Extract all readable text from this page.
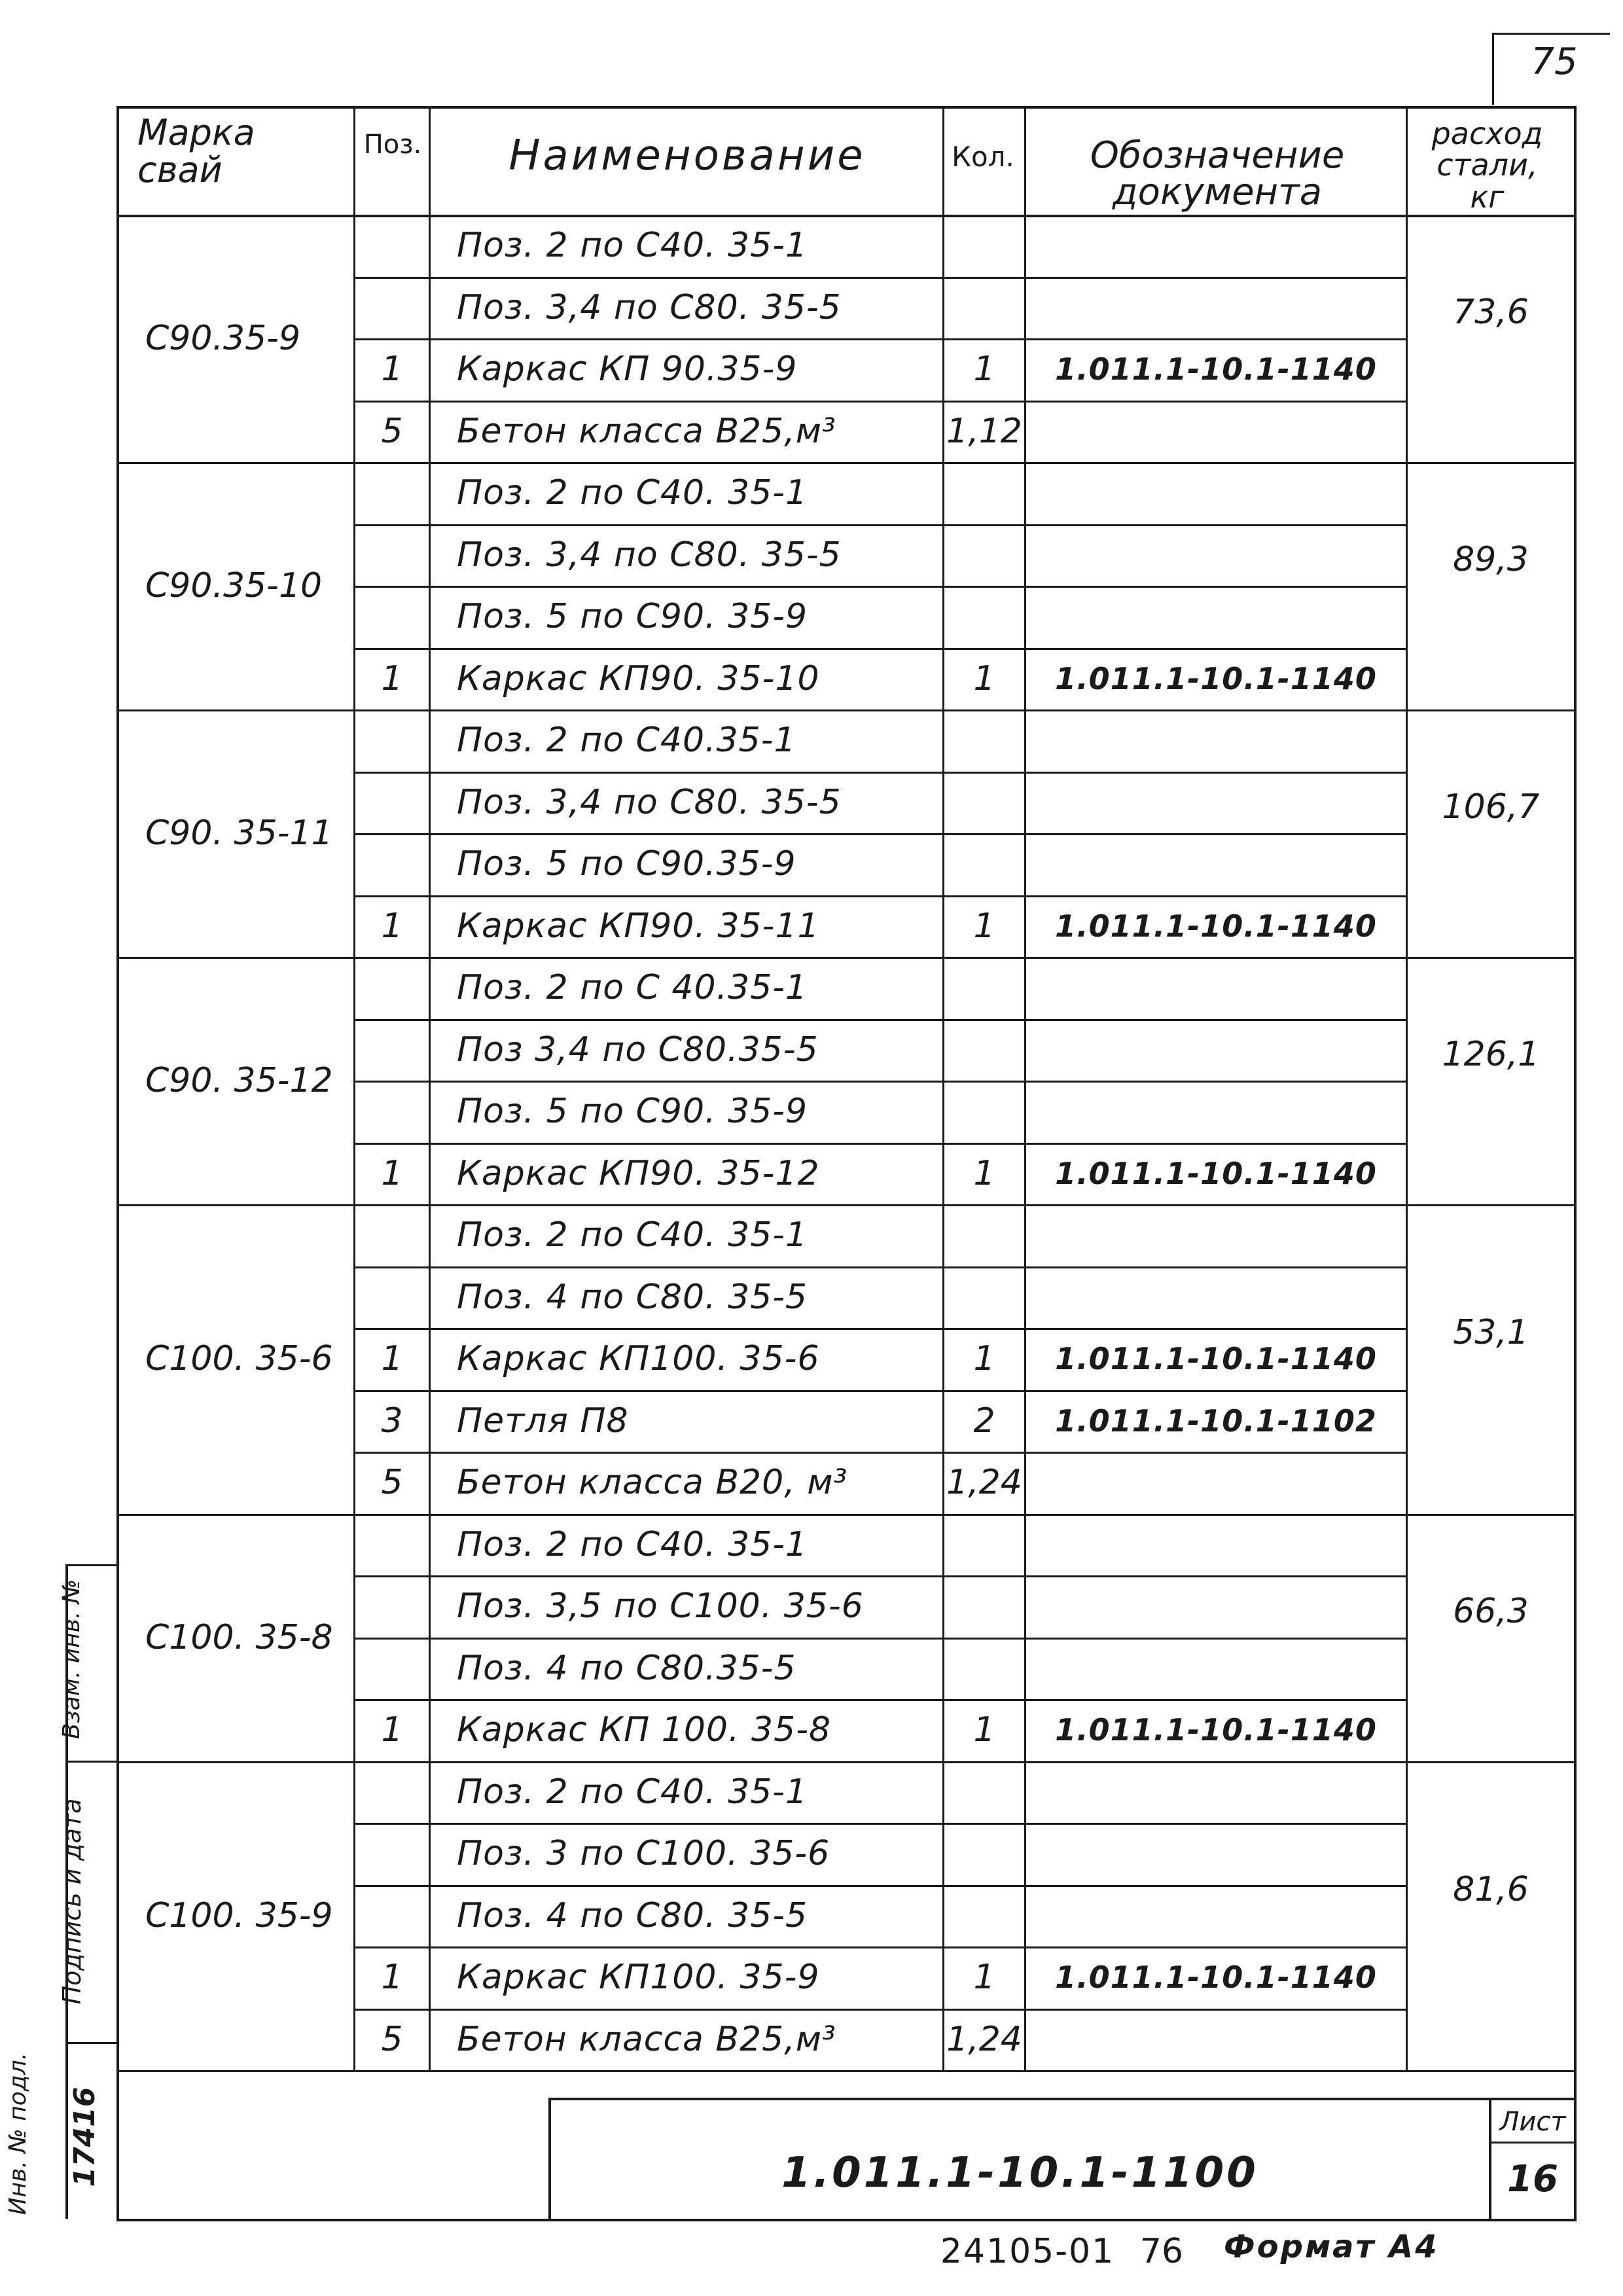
75
Марка свай
Поз.	Наименование	Кол.	Обозначение документа
расход стали, кг
С90.35-9
73,6
Поз. 2 по С40. 35-1
Поз. 3,4 по С80. 35-5
1	Каркас КП 90.35-9	1	1.011.1-10.1-1140
5	Бетон класса В25,м³	1,12
С90.35-10
89,3
Поз. 2 по С40. 35-1
Поз. 3,4 по С80. 35-5
Поз. 5 по С90. 35-9
1	Каркас КП90. 35-10	1	1.011.1-10.1-1140
С90. 35-11
106,7
Поз. 2 по С40.35-1
Поз. 3,4 по С80. 35-5
Поз. 5 по С90.35-9
1	Каркас КП90. 35-11	1	1.011.1-10.1-1140
С90. 35-12
126,1
Поз. 2 по С 40.35-1
Поз 3,4 по С80.35-5
Поз. 5 по С90. 35-9
1	Каркас КП90. 35-12	1	1.011.1-10.1-1140
С100. 35-6
53,1
Поз. 2 по С40. 35-1
Поз. 4 по С80. 35-5
1	Каркас КП100. 35-6	1	1.011.1-10.1-1140
3	Петля П8	2	1.011.1-10.1-1102
5	Бетон класса В20, м³	1,24
С100. 35-8
66,3
Поз. 2 по С40. 35-1
Поз. 3,5 по С100. 35-6
Поз. 4 по С80.35-5
1	Каркас КП 100. 35-8	1	1.011.1-10.1-1140
С100. 35-9
81,6
Поз. 2 по С40. 35-1
Поз. 3 по С100. 35-6
Поз. 4 по С80. 35-5
1	Каркас КП100. 35-9	1	1.011.1-10.1-1140
5	Бетон класса В25,м³	1,24
1.011.1-10.1-1100
Лист
16
Взам. инв. №
Подпись и дата
Инв. № подл. 17416
24105-01 76	Формат А4
